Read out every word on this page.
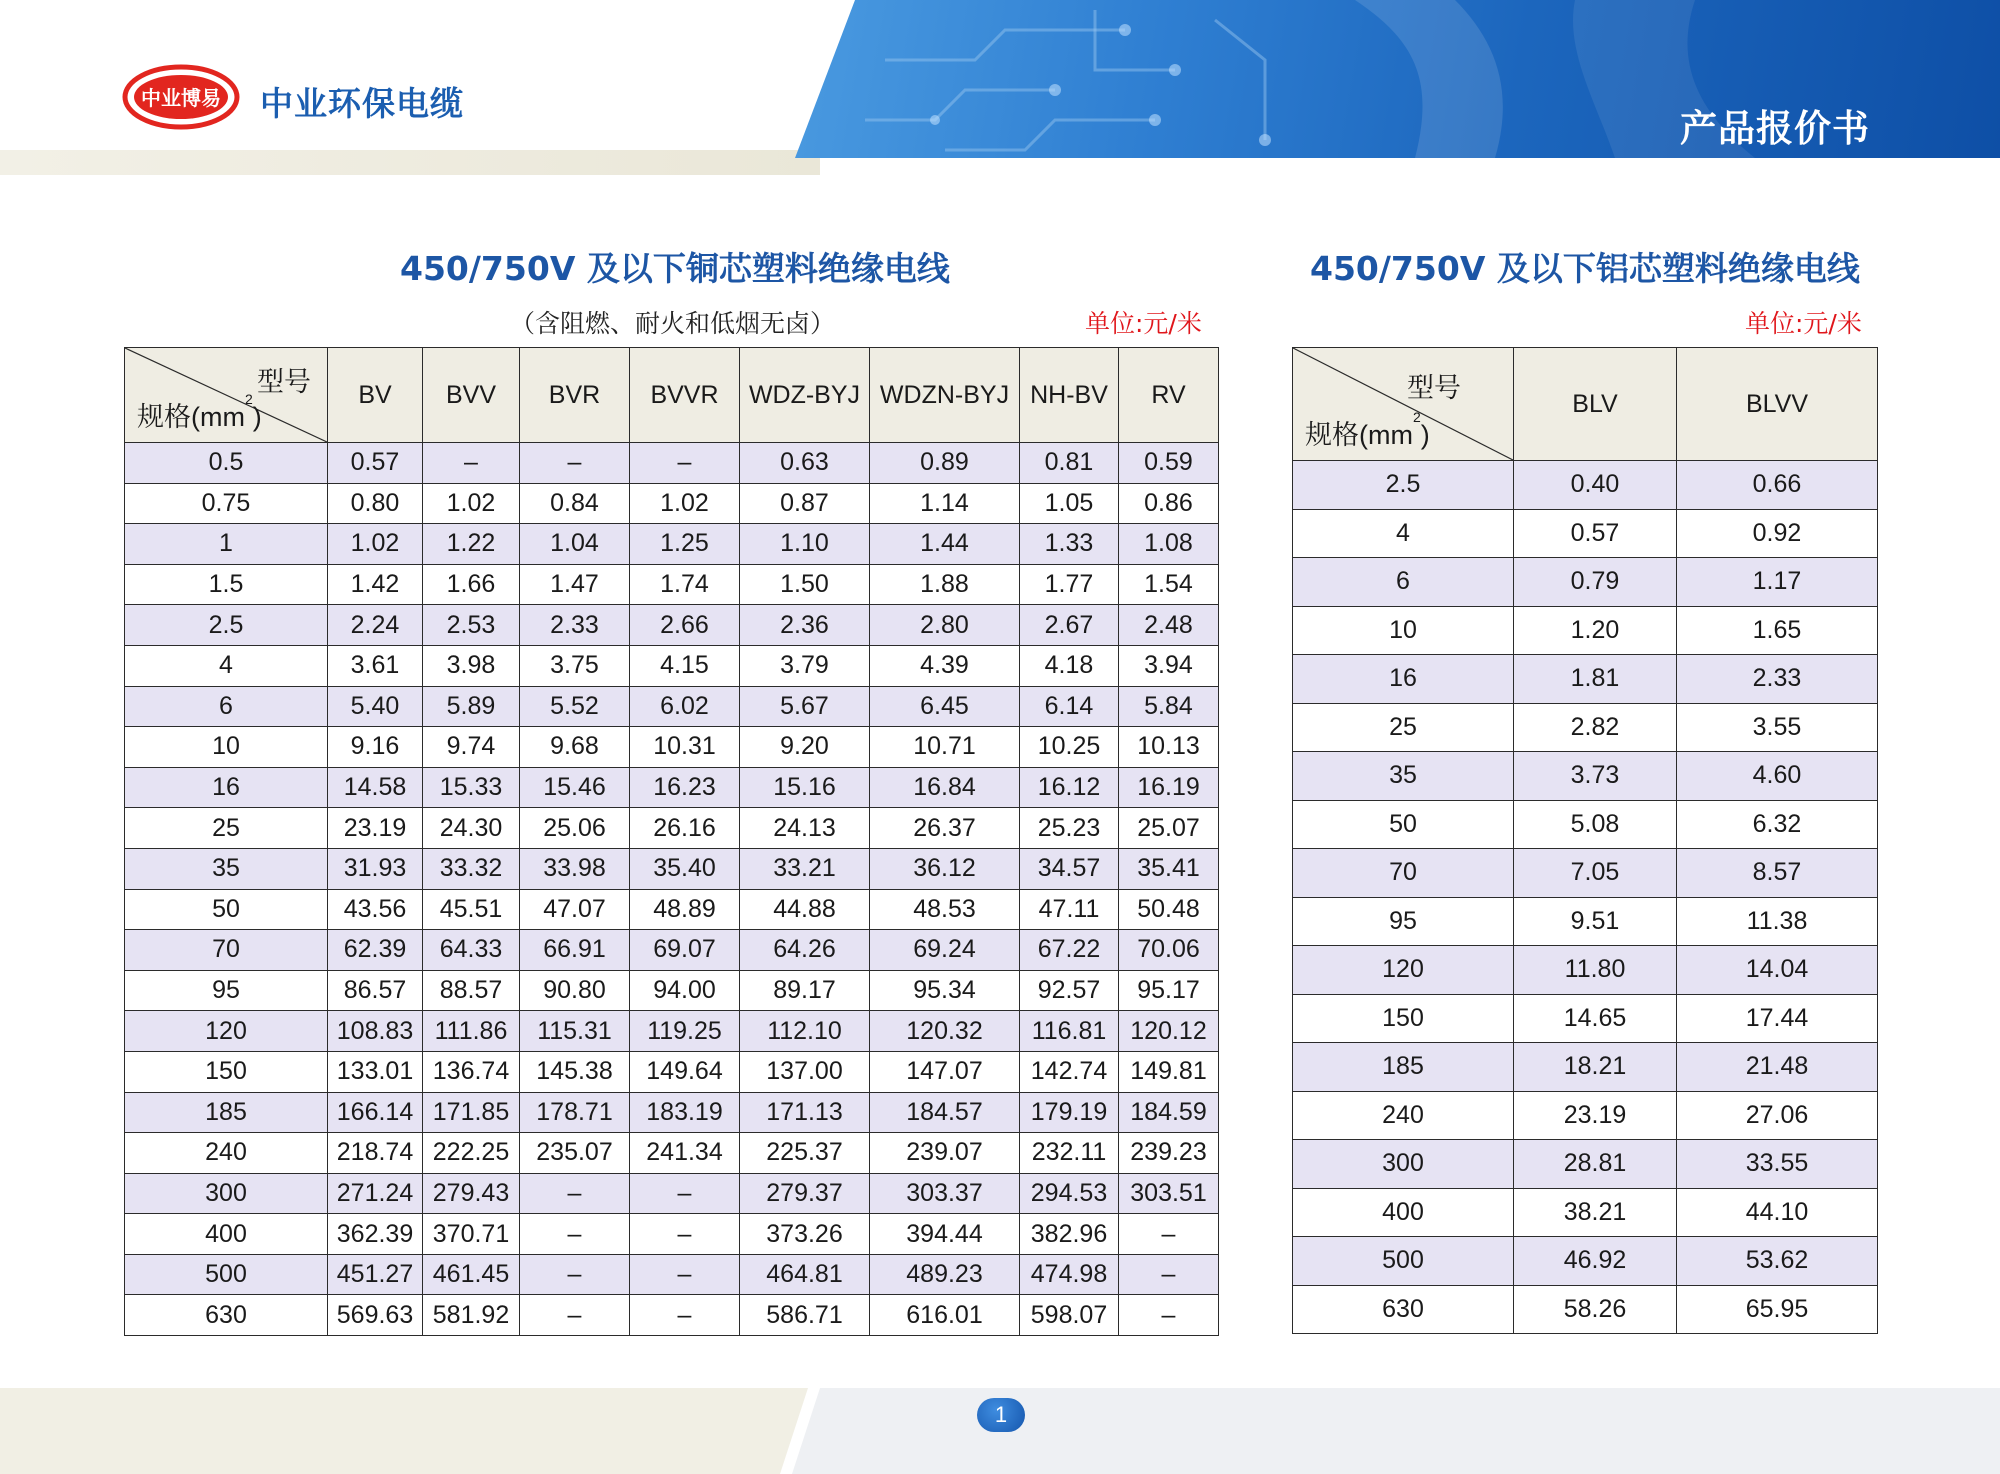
中业博易 中业环保电缆
产品报价书
450/750V 及以下铜芯塑料绝缘电线
（含阻燃、耐火和低烟无卤）	单位:元/米
450/750V 及以下铝芯塑料绝缘电线
单位:元/米
型号
规格$(mm^2)$	BV	BVV	BVR	BVVR	WDZ-BYJ	WDZN-BYJ	NH-BV	RV
0.5	0.57	–	–	–	0.63	0.89	0.81	0.59
0.75	0.80	1.02	0.84	1.02	0.87	1.14	1.05	0.86
1	1.02	1.22	1.04	1.25	1.10	1.44	1.33	1.08
1.5	1.42	1.66	1.47	1.74	1.50	1.88	1.77	1.54
2.5	2.24	2.53	2.33	2.66	2.36	2.80	2.67	2.48
4	3.61	3.98	3.75	4.15	3.79	4.39	4.18	3.94
6	5.40	5.89	5.52	6.02	5.67	6.45	6.14	5.84
10	9.16	9.74	9.68	10.31	9.20	10.71	10.25	10.13
16	14.58	15.33	15.46	16.23	15.16	16.84	16.12	16.19
25	23.19	24.30	25.06	26.16	24.13	26.37	25.23	25.07
35	31.93	33.32	33.98	35.40	33.21	36.12	34.57	35.41
50	43.56	45.51	47.07	48.89	44.88	48.53	47.11	50.48
70	62.39	64.33	66.91	69.07	64.26	69.24	67.22	70.06
95	86.57	88.57	90.80	94.00	89.17	95.34	92.57	95.17
120	108.83	111.86	115.31	119.25	112.10	120.32	116.81	120.12
150	133.01	136.74	145.38	149.64	137.00	147.07	142.74	149.81
185	166.14	171.85	178.71	183.19	171.13	184.57	179.19	184.59
240	218.74	222.25	235.07	241.34	225.37	239.07	232.11	239.23
300	271.24	279.43	–	–	279.37	303.37	294.53	303.51
400	362.39	370.71	–	–	373.26	394.44	382.96	–
500	451.27	461.45	–	–	464.81	489.23	474.98	–
630	569.63	581.92	–	–	586.71	616.01	598.07	–
型号
规格$(mm^2)$	BLV	BLVV
2.5	0.40	0.66
4	0.57	0.92
6	0.79	1.17
10	1.20	1.65
16	1.81	2.33
25	2.82	3.55
35	3.73	4.60
50	5.08	6.32
70	7.05	8.57
95	9.51	11.38
120	11.80	14.04
150	14.65	17.44
185	18.21	21.48
240	23.19	27.06
300	28.81	33.55
400	38.21	44.10
500	46.92	53.62
630	58.26	65.95
1
